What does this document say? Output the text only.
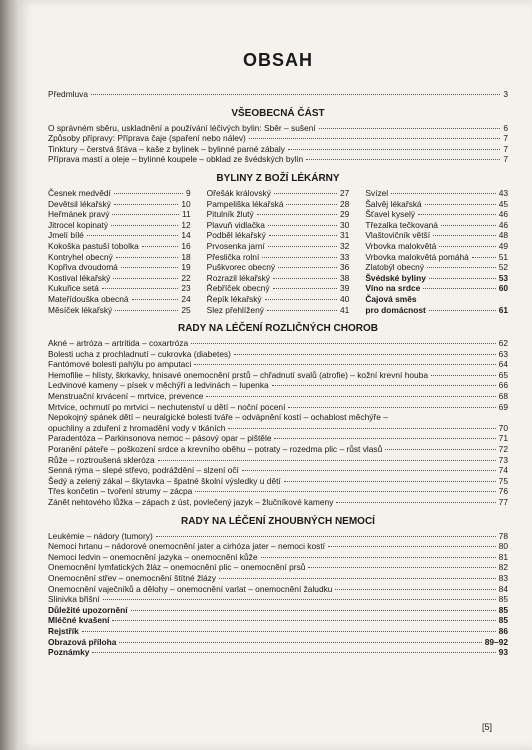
OBSAH
Předmluva	3
VŠEOBECNÁ ČÁST
O správném sběru, uskladnění a používání léčivých bylin: Sběr – sušení	6
Způsoby přípravy: Příprava čaje (spaření nebo nálev)	7
Tinktury – čerstvá šťáva – kaše z bylinek – bylinné parné zábaly	7
Příprava mastí a oleje – bylinné koupele – obklad ze švédských bylin	7
BYLINY Z BOŽÍ LÉKÁRNY
Česnek medvědí	9
Devětsil lékařský	10
Heřmánek pravý	11
Jitrocel kopinatý	12
Jmelí bílé	14
Kokoška pastuší tobolka	16
Kontryhel obecný	18
Kopřiva dvoudomá	19
Kostival lékařský	22
Kukuřice setá	23
Mateřídouška obecná	24
Měsíček lékařský	25
Ořešák královský	27
Pampeliška lékařská	28
Pitulník žlutý	29
Plavuň vidlačka	30
Podběl lékařský	31
Prvosenka jarní	32
Přeslička rolní	33
Puškvorec obecný	36
Rozrazil lékařský	38
Řebříček obecný	39
Řepík lékařský	40
Slez přehlížený	41
Svízel	43
Šalvěj lékařská	45
Šťavel kyselý	46
Třezalka tečkovaná	46
Vlaštovičník větší	48
Vrbovka malokvětá	49
Vrbovka malokvětá pomáhá	51
Zlatobýl obecný	52
Švédské byliny	53
Víno na srdce	60
Čajová směs
pro domácnost	61
RADY NA LÉČENÍ ROZLIČNÝCH CHOROB
Akné – artróza – artritida – coxartróza	62
Bolesti ucha z prochladnutí – cukrovka (diabetes)	63
Fantómové bolesti pahýlu po amputaci	64
Hemofilie – hlísty, škrkavky, hnisavé onemocnění prstů – chřadnutí svalů (atrofie) – kožní krevní houba	65
Ledvinové kameny – písek v měchýři a ledvinách – lupenka	66
Menstruační krvácení – mrtvice, prevence	68
Mrtvice, ochrnutí po mrtvici – nechutenství u dětí – noční pocení	69
Nepokojný spánek dětí – neuralgické bolesti tváře – odvápnění kostí – ochablost měchýře –
opuchliny a zduření z hromadění vody v tkáních	70
Paradentóza – Parkinsonova nemoc – pásový opar – pištěle	71
Poranění páteře – poškození srdce a krevního oběhu – potraty – rozedma plic – růst vlasů	72
Růže – roztroušená skleróza	73
Senná rýma – slepé střevo, podráždění – slzení očí	74
Šedý a zelený zákal – škytavka – špatné školní výsledky u dětí	75
Třes končetin – tvoření strumy – zácpa	76
Zánět nehtového lůžka – zápach z úst, povlečený jazyk – žlučníkové kameny	77
RADY NA LÉČENÍ ZHOUBNÝCH NEMOCÍ
Leukémie – nádory (tumory)	78
Nemoci hrtanu – nádorové onemocnění jater a cirhóza jater – nemoci kostí	80
Nemoci ledvin – onemocnění jazyka – onemocnění kůže	81
Onemocnění lymfatických žláz – onemocnění plic – onemocnění prsů	82
Onemocnění střev – onemocnění štítné žlázy	83
Onemocnění vaječníků a dělohy – onemocnění varlat – onemocnění žaludku	84
Slinivka břišní	85
Důležité upozornění	85
Mléčné kvašení	85
Rejstřík	86
Obrazová příloha	89–92
Poznámky	93
[5]
